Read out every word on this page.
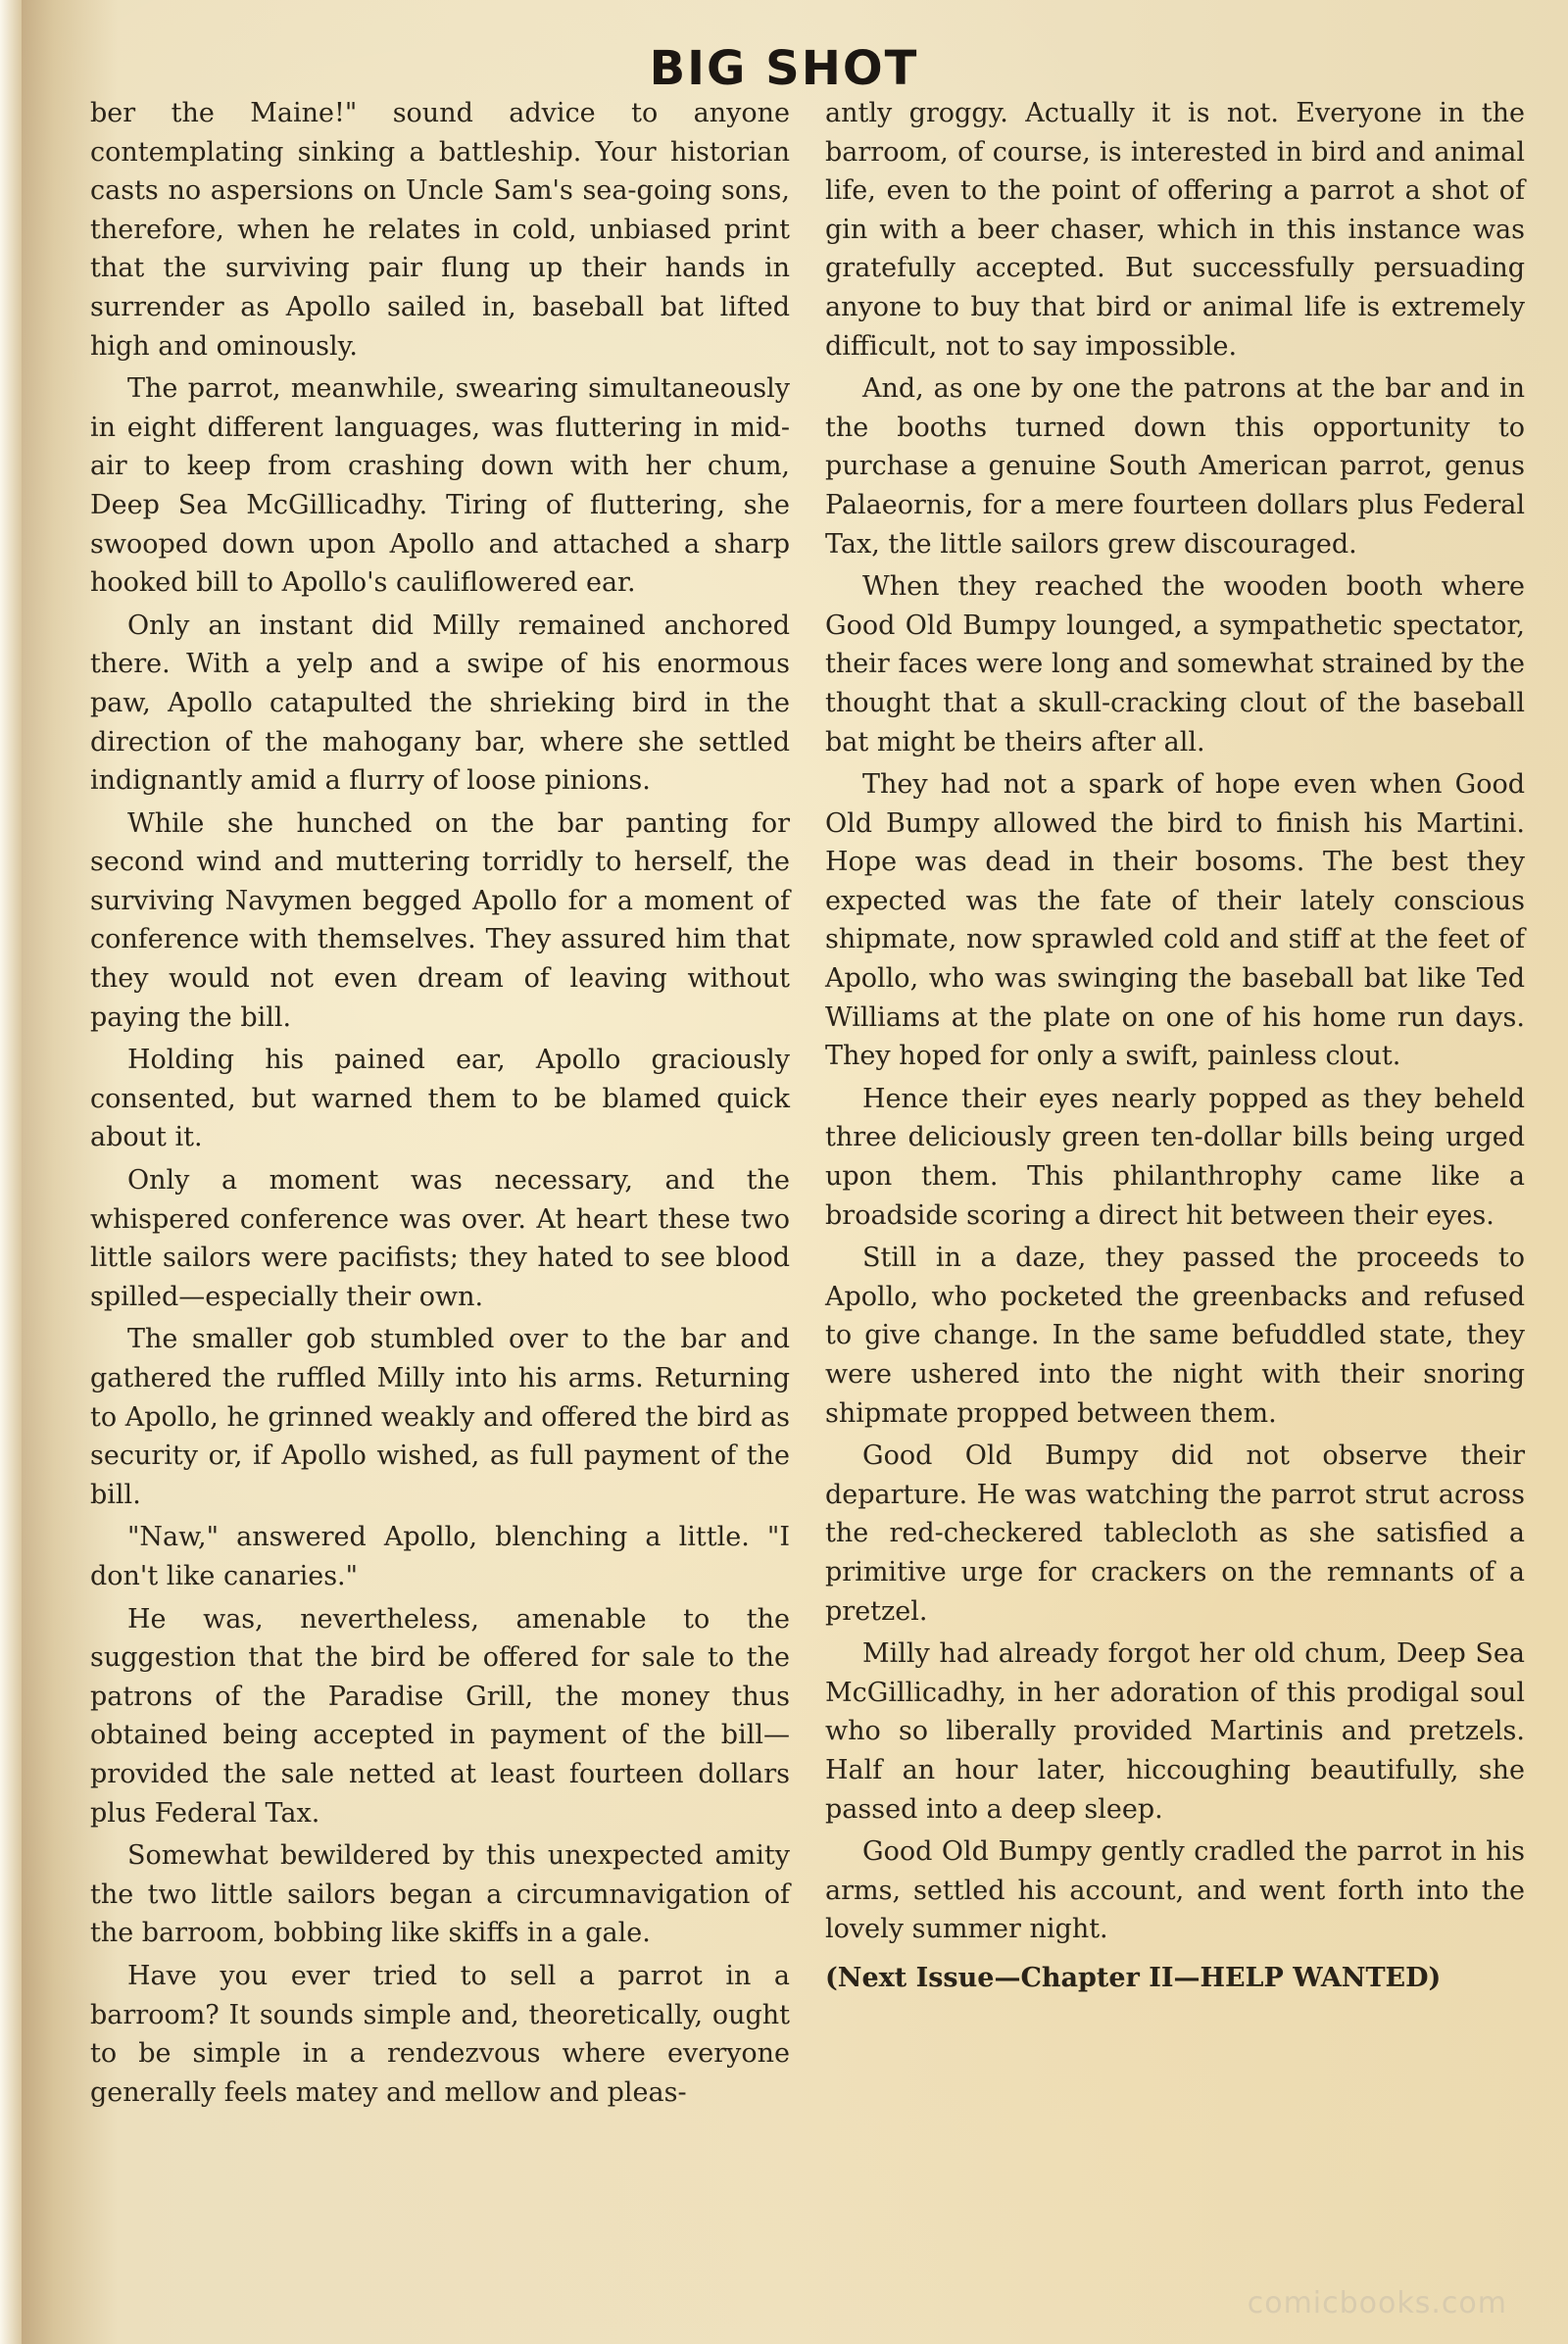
BIG SHOT

ber the Maine!" sound advice to anyone contemplating sinking a battleship. Your historian casts no aspersions on Uncle Sam's sea-going sons, therefore, when he relates in cold, unbiased print that the surviving pair flung up their hands in surrender as Apollo sailed in, baseball bat lifted high and ominously.

The parrot, meanwhile, swearing simultaneously in eight different languages, was fluttering in mid-air to keep from crashing down with her chum, Deep Sea McGillicadhy. Tiring of fluttering, she swooped down upon Apollo and attached a sharp hooked bill to Apollo's cauliflowered ear.

Only an instant did Milly remained anchored there. With a yelp and a swipe of his enormous paw, Apollo catapulted the shrieking bird in the direction of the mahogany bar, where she settled indignantly amid a flurry of loose pinions.

While she hunched on the bar panting for second wind and muttering torridly to herself, the surviving Navymen begged Apollo for a moment of conference with themselves. They assured him that they would not even dream of leaving without paying the bill.

Holding his pained ear, Apollo graciously consented, but warned them to be blamed quick about it.

Only a moment was necessary, and the whispered conference was over. At heart these two little sailors were pacifists; they hated to see blood spilled—especially their own.

The smaller gob stumbled over to the bar and gathered the ruffled Milly into his arms. Returning to Apollo, he grinned weakly and offered the bird as security or, if Apollo wished, as full payment of the bill.

"Naw," answered Apollo, blenching a little. "I don't like canaries."

He was, nevertheless, amenable to the suggestion that the bird be offered for sale to the patrons of the Paradise Grill, the money thus obtained being accepted in payment of the bill—provided the sale netted at least fourteen dollars plus Federal Tax.

Somewhat bewildered by this unexpected amity the two little sailors began a circumnavigation of the barroom, bobbing like skiffs in a gale.

Have you ever tried to sell a parrot in a barroom? It sounds simple and, theoretically, ought to be simple in a rendezvous where everyone generally feels matey and mellow and pleas-

antly groggy. Actually it is not. Everyone in the barroom, of course, is interested in bird and animal life, even to the point of offering a parrot a shot of gin with a beer chaser, which in this instance was gratefully accepted. But successfully persuading anyone to buy that bird or animal life is extremely difficult, not to say impossible.

And, as one by one the patrons at the bar and in the booths turned down this opportunity to purchase a genuine South American parrot, genus Palaeornis, for a mere fourteen dollars plus Federal Tax, the little sailors grew discouraged.

When they reached the wooden booth where Good Old Bumpy lounged, a sympathetic spectator, their faces were long and somewhat strained by the thought that a skull-cracking clout of the baseball bat might be theirs after all.

They had not a spark of hope even when Good Old Bumpy allowed the bird to finish his Martini. Hope was dead in their bosoms. The best they expected was the fate of their lately conscious shipmate, now sprawled cold and stiff at the feet of Apollo, who was swinging the baseball bat like Ted Williams at the plate on one of his home run days. They hoped for only a swift, painless clout.

Hence their eyes nearly popped as they beheld three deliciously green ten-dollar bills being urged upon them. This philanthrophy came like a broadside scoring a direct hit between their eyes.

Still in a daze, they passed the proceeds to Apollo, who pocketed the greenbacks and refused to give change. In the same befuddled state, they were ushered into the night with their snoring shipmate propped between them.

Good Old Bumpy did not observe their departure. He was watching the parrot strut across the red-checkered tablecloth as she satisfied a primitive urge for crackers on the remnants of a pretzel.

Milly had already forgot her old chum, Deep Sea McGillicadhy, in her adoration of this prodigal soul who so liberally provided Martinis and pretzels. Half an hour later, hiccoughing beautifully, she passed into a deep sleep.

Good Old Bumpy gently cradled the parrot in his arms, settled his account, and went forth into the lovely summer night.

(Next Issue—Chapter II—HELP WANTED)

comicbooks.com
